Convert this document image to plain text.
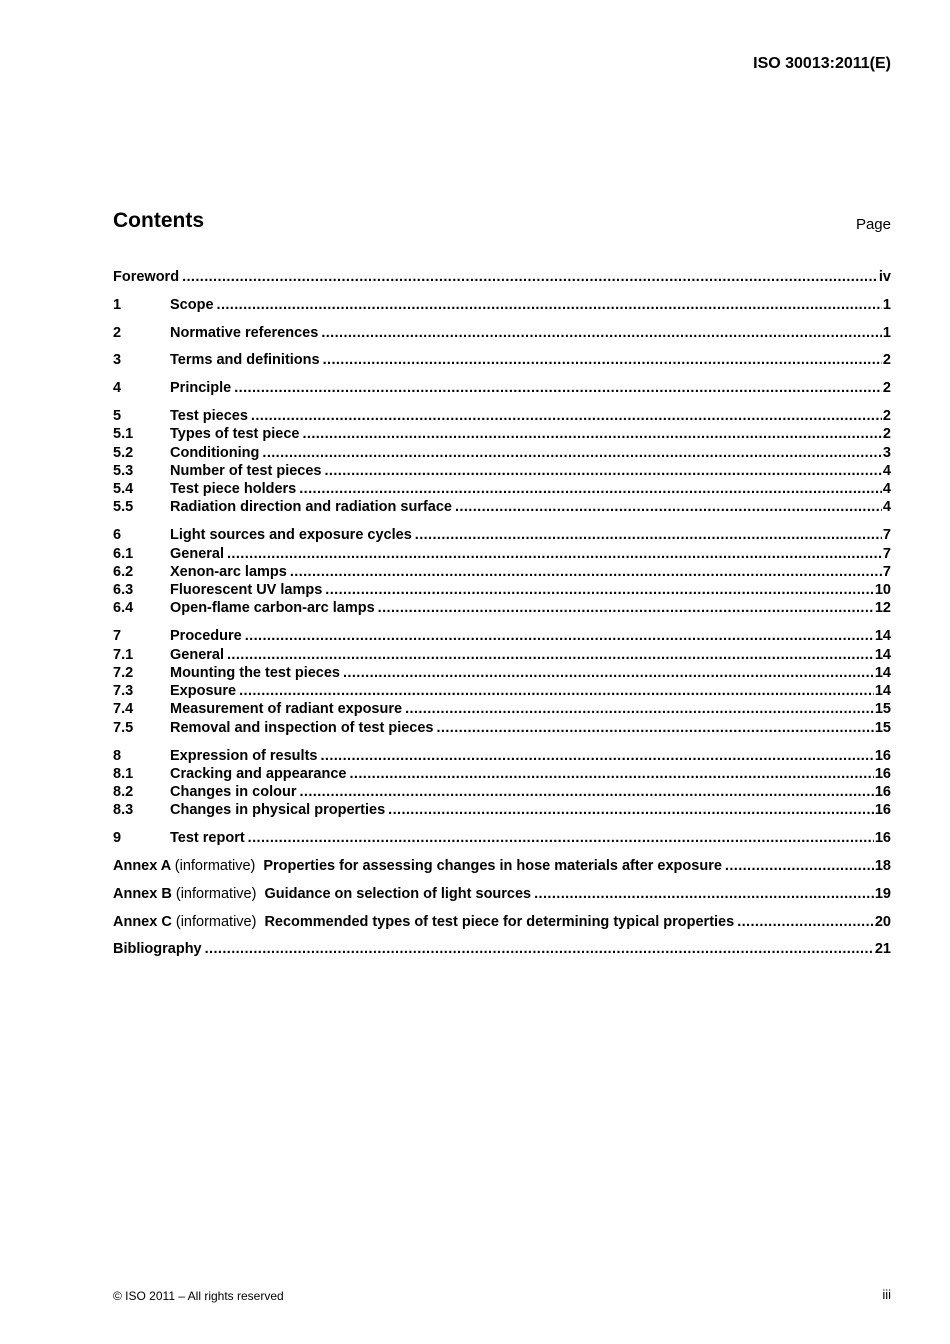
ISO 30013:2011(E)
Contents	Page
Foreword .....	iv
1	Scope .....	1
2	Normative references .....	1
3	Terms and definitions .....	2
4	Principle .....	2
5	Test pieces .....	2
5.1	Types of test piece .....	2
5.2	Conditioning .....	3
5.3	Number of test pieces .....	4
5.4	Test piece holders .....	4
5.5	Radiation direction and radiation surface .....	4
6	Light sources and exposure cycles .....	7
6.1	General .....	7
6.2	Xenon-arc lamps .....	7
6.3	Fluorescent UV lamps .....	10
6.4	Open-flame carbon-arc lamps .....	12
7	Procedure .....	14
7.1	General .....	14
7.2	Mounting the test pieces .....	14
7.3	Exposure .....	14
7.4	Measurement of radiant exposure .....	15
7.5	Removal and inspection of test pieces .....	15
8	Expression of results .....	16
8.1	Cracking and appearance .....	16
8.2	Changes in colour .....	16
8.3	Changes in physical properties .....	16
9	Test report .....	16
Annex A (informative) Properties for assessing changes in hose materials after exposure .....	18
Annex B (informative) Guidance on selection of light sources .....	19
Annex C (informative) Recommended types of test piece for determining typical properties .....	20
Bibliography .....	21
© ISO 2011 – All rights reserved	iii
